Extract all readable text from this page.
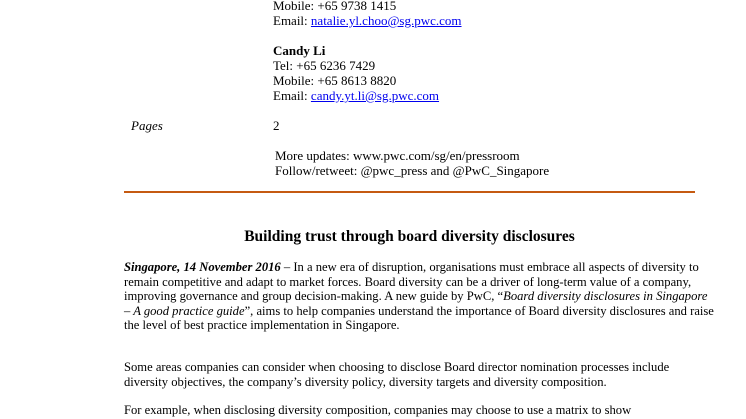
Mobile: +65 9738 1415
Email: natalie.yl.choo@sg.pwc.com
Candy Li
Tel: +65 6236 7429
Mobile: +65 8613 8820
Email: candy.yt.li@sg.pwc.com
Pages	2
More updates: www.pwc.com/sg/en/pressroom
Follow/retweet: @pwc_press and @PwC_Singapore
Building trust through board diversity disclosures
Singapore, 14 November 2016 – In a new era of disruption, organisations must embrace all aspects of diversity to remain competitive and adapt to market forces. Board diversity can be a driver of long-term value of a company, improving governance and group decision-making. A new guide by PwC, “Board diversity disclosures in Singapore – A good practice guide”, aims to help companies understand the importance of Board diversity disclosures and raise the level of best practice implementation in Singapore.
Some areas companies can consider when choosing to disclose Board director nomination processes include diversity objectives, the company’s diversity policy, diversity targets and diversity composition.
For example, when disclosing diversity composition, companies may choose to use a matrix to show
